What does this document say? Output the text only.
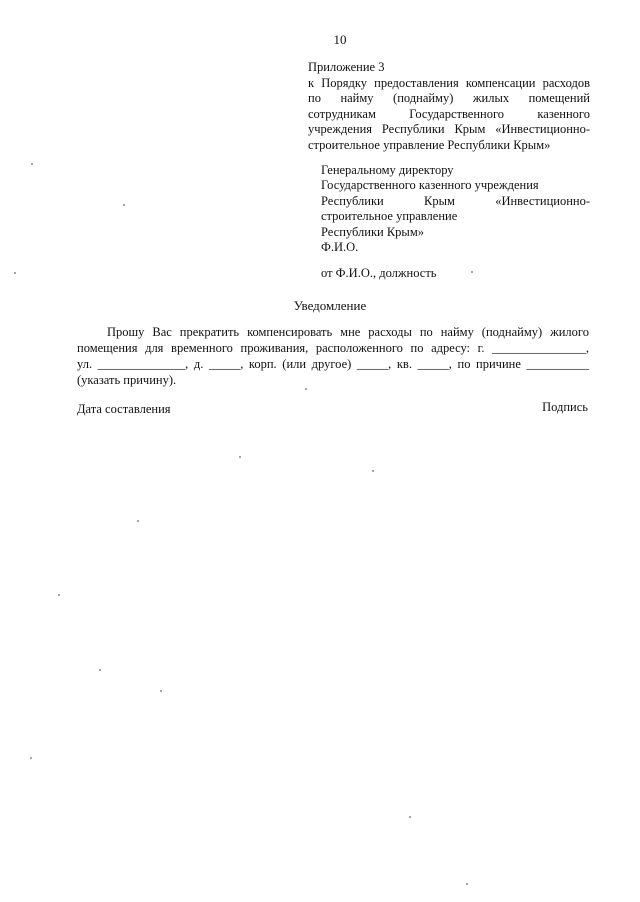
10
Приложение 3
к Порядку предоставления компенсации расходов
по найму (поднайму) жилых помещений
сотрудникам Государственного казенного
учреждения Республики Крым «Инвестиционно-
строительное управление Республики Крым»
Генеральному директору
Государственного казенного учреждения
Республики Крым «Инвестиционно-
строительное управление
Республики Крым»
Ф.И.О.
от Ф.И.О., должность
Уведомление
Прошу Вас прекратить компенсировать мне расходы по найму (поднайму) жилого
помещения для временного проживания, расположенного по адресу: г. _______________,
ул. ______________, д. _____, корп. (или другое) _____, кв. _____, по причине __________
(указать причину).
Дата составления	Подпись
